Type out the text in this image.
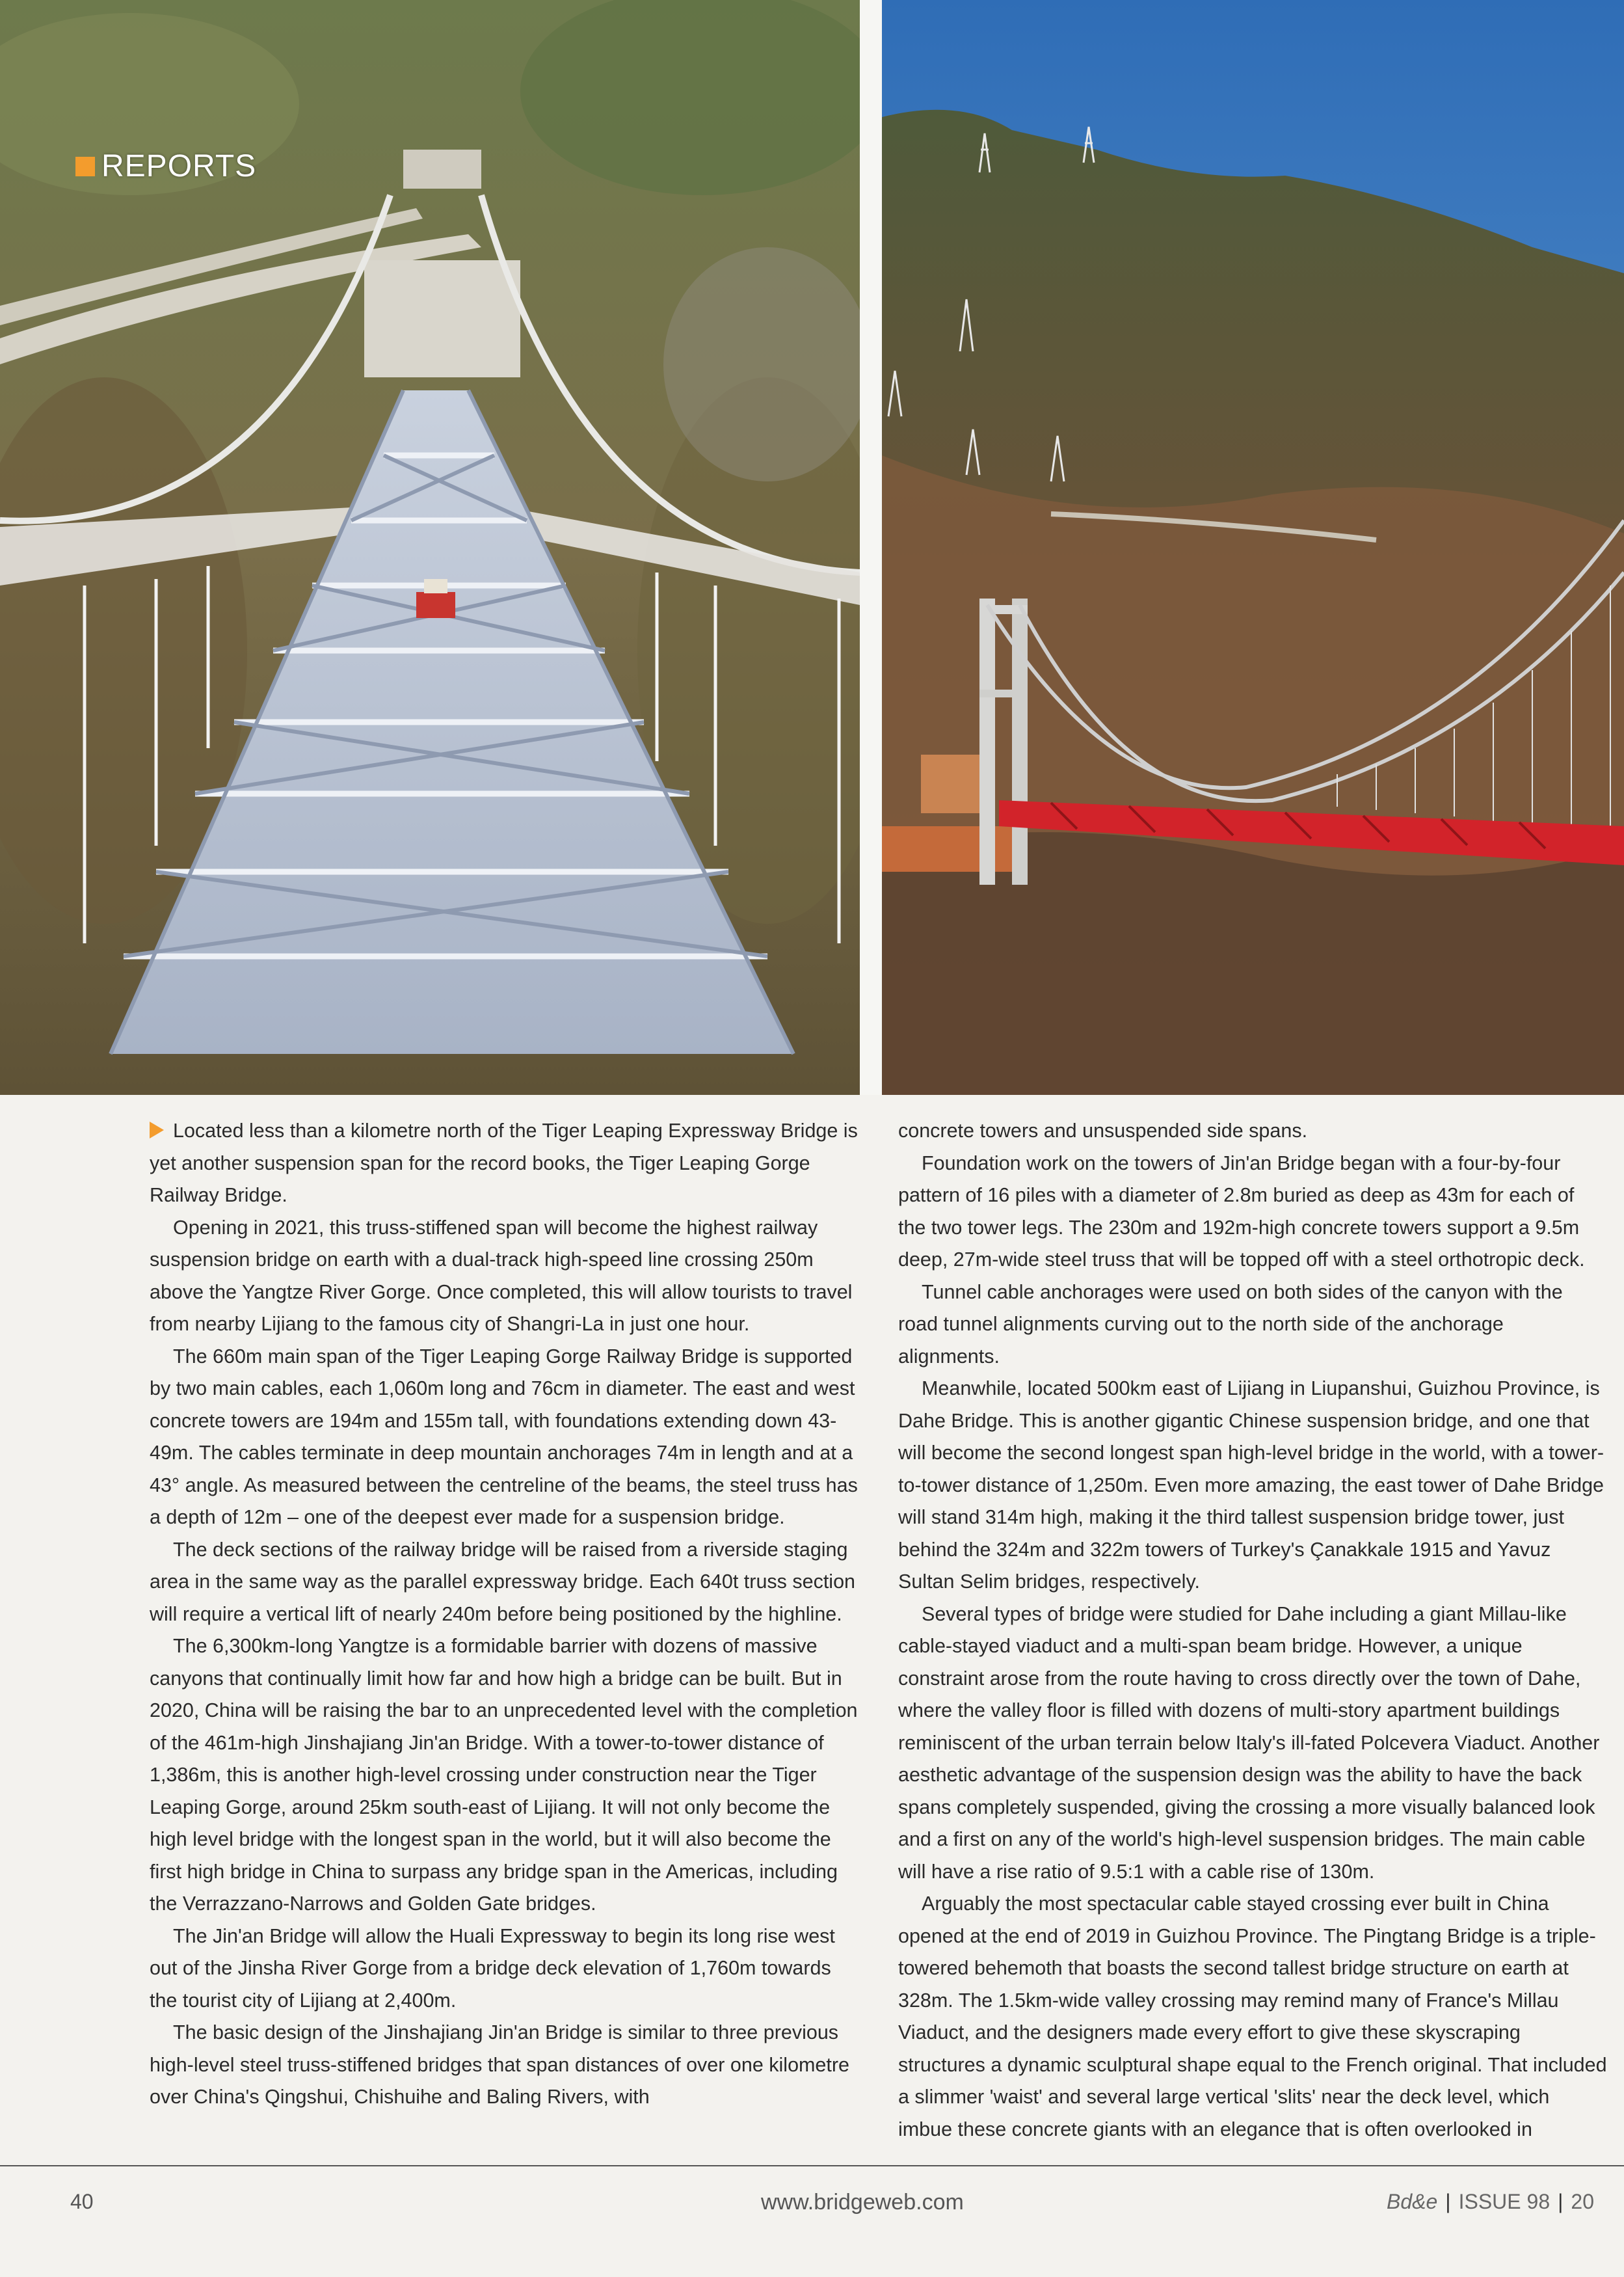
REPORTS

Located less than a kilometre north of the Tiger Leaping Expressway Bridge is yet another suspension span for the record books, the Tiger Leaping Gorge Railway Bridge.

Opening in 2021, this truss-stiffened span will become the highest railway suspension bridge on earth with a dual-track high-speed line crossing 250m above the Yangtze River Gorge. Once completed, this will allow tourists to travel from nearby Lijiang to the famous city of Shangri-La in just one hour.

The 660m main span of the Tiger Leaping Gorge Railway Bridge is supported by two main cables, each 1,060m long and 76cm in diameter. The east and west concrete towers are 194m and 155m tall, with foundations extending down 43-49m. The cables terminate in deep mountain anchorages 74m in length and at a 43° angle. As measured between the centreline of the beams, the steel truss has a depth of 12m – one of the deepest ever made for a suspension bridge.

The deck sections of the railway bridge will be raised from a riverside staging area in the same way as the parallel expressway bridge. Each 640t truss section will require a vertical lift of nearly 240m before being positioned by the highline.

The 6,300km-long Yangtze is a formidable barrier with dozens of massive canyons that continually limit how far and how high a bridge can be built. But in 2020, China will be raising the bar to an unprecedented level with the completion of the 461m-high Jinshajiang Jin'an Bridge. With a tower-to-tower distance of 1,386m, this is another high-level crossing under construction near the Tiger Leaping Gorge, around 25km south-east of Lijiang. It will not only become the high level bridge with the longest span in the world, but it will also become the first high bridge in China to surpass any bridge span in the Americas, including the Verrazzano-Narrows and Golden Gate bridges.

The Jin'an Bridge will allow the Huali Expressway to begin its long rise west out of the Jinsha River Gorge from a bridge deck elevation of 1,760m towards the tourist city of Lijiang at 2,400m.

The basic design of the Jinshajiang Jin'an Bridge is similar to three previous high-level steel truss-stiffened bridges that span distances of over one kilometre over China's Qingshui, Chishuihe and Baling Rivers, with

concrete towers and unsuspended side spans.

Foundation work on the towers of Jin'an Bridge began with a four-by-four pattern of 16 piles with a diameter of 2.8m buried as deep as 43m for each of the two tower legs. The 230m and 192m-high concrete towers support a 9.5m deep, 27m-wide steel truss that will be topped off with a steel orthotropic deck.

Tunnel cable anchorages were used on both sides of the canyon with the road tunnel alignments curving out to the north side of the anchorage alignments.

Meanwhile, located 500km east of Lijiang in Liupanshui, Guizhou Province, is Dahe Bridge. This is another gigantic Chinese suspension bridge, and one that will become the second longest span high-level bridge in the world, with a tower-to-tower distance of 1,250m. Even more amazing, the east tower of Dahe Bridge will stand 314m high, making it the third tallest suspension bridge tower, just behind the 324m and 322m towers of Turkey's Çanakkale 1915 and Yavuz Sultan Selim bridges, respectively.

Several types of bridge were studied for Dahe including a giant Millau-like cable-stayed viaduct and a multi-span beam bridge. However, a unique constraint arose from the route having to cross directly over the town of Dahe, where the valley floor is filled with dozens of multi-story apartment buildings reminiscent of the urban terrain below Italy's ill-fated Polcevera Viaduct. Another aesthetic advantage of the suspension design was the ability to have the back spans completely suspended, giving the crossing a more visually balanced look and a first on any of the world's high-level suspension bridges. The main cable will have a rise ratio of 9.5:1 with a cable rise of 130m.

Arguably the most spectacular cable stayed crossing ever built in China opened at the end of 2019 in Guizhou Province. The Pingtang Bridge is a triple-towered behemoth that boasts the second tallest bridge structure on earth at 328m. The 1.5km-wide valley crossing may remind many of France's Millau Viaduct, and the designers made every effort to give these skyscraping structures a dynamic sculptural shape equal to the French original. That included a slimmer 'waist' and several large vertical 'slits' near the deck level, which imbue these concrete giants with an elegance that is often overlooked in

40	www.bridgeweb.com	Bd&e | ISSUE 98 | 20
